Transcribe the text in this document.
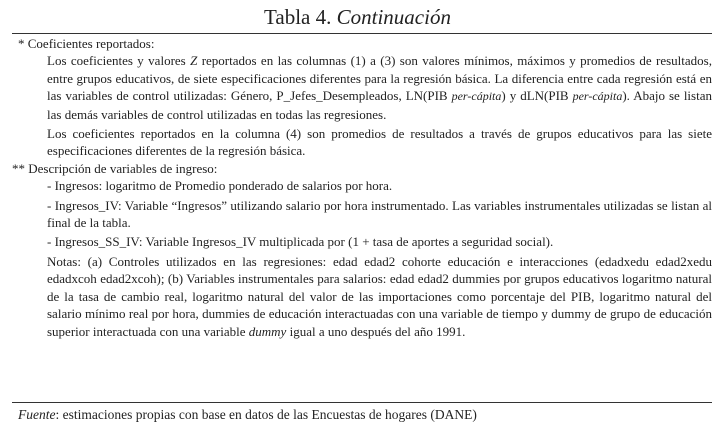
Tabla 4. Continuación

* Coeficientes reportados:

Los coeficientes y valores Z reportados en las columnas (1) a (3) son valores mínimos, máximos y promedios de resultados, entre grupos educativos, de siete especificaciones diferentes para la regresión básica. La diferencia entre cada regresión está en las variables de control utilizadas: Género, P_Jefes_Desempleados, LN(PIB per-cápita) y dLN(PIB per-cápita). Abajo se listan las demás variables de control utilizadas en todas las regresiones.

Los coeficientes reportados en la columna (4) son promedios de resultados a través de grupos educativos para las siete especificaciones diferentes de la regresión básica.

** Descripción de variables de ingreso:

- Ingresos: logaritmo de Promedio ponderado de salarios por hora.

- Ingresos_IV: Variable “Ingresos” utilizando salario por hora instrumentado. Las variables instrumentales utilizadas se listan al final de la tabla.

- Ingresos_SS_IV: Variable Ingresos_IV multiplicada por (1 + tasa de aportes a seguridad social).

Notas: (a) Controles utilizados en las regresiones: edad edad2 cohorte educación e interacciones (edadxedu edad2xedu edadxcoh edad2xcoh); (b) Variables instrumentales para salarios: edad edad2 dummies por grupos educativos logaritmo natural de la tasa de cambio real, logaritmo natural del valor de las importaciones como porcentaje del PIB, logaritmo natural del salario mínimo real por hora, dummies de educación interactuadas con una variable de tiempo y dummy de grupo de educación superior interactuada con una variable dummy igual a uno después del año 1991.

Fuente: estimaciones propias con base en datos de las Encuestas de hogares (DANE)
